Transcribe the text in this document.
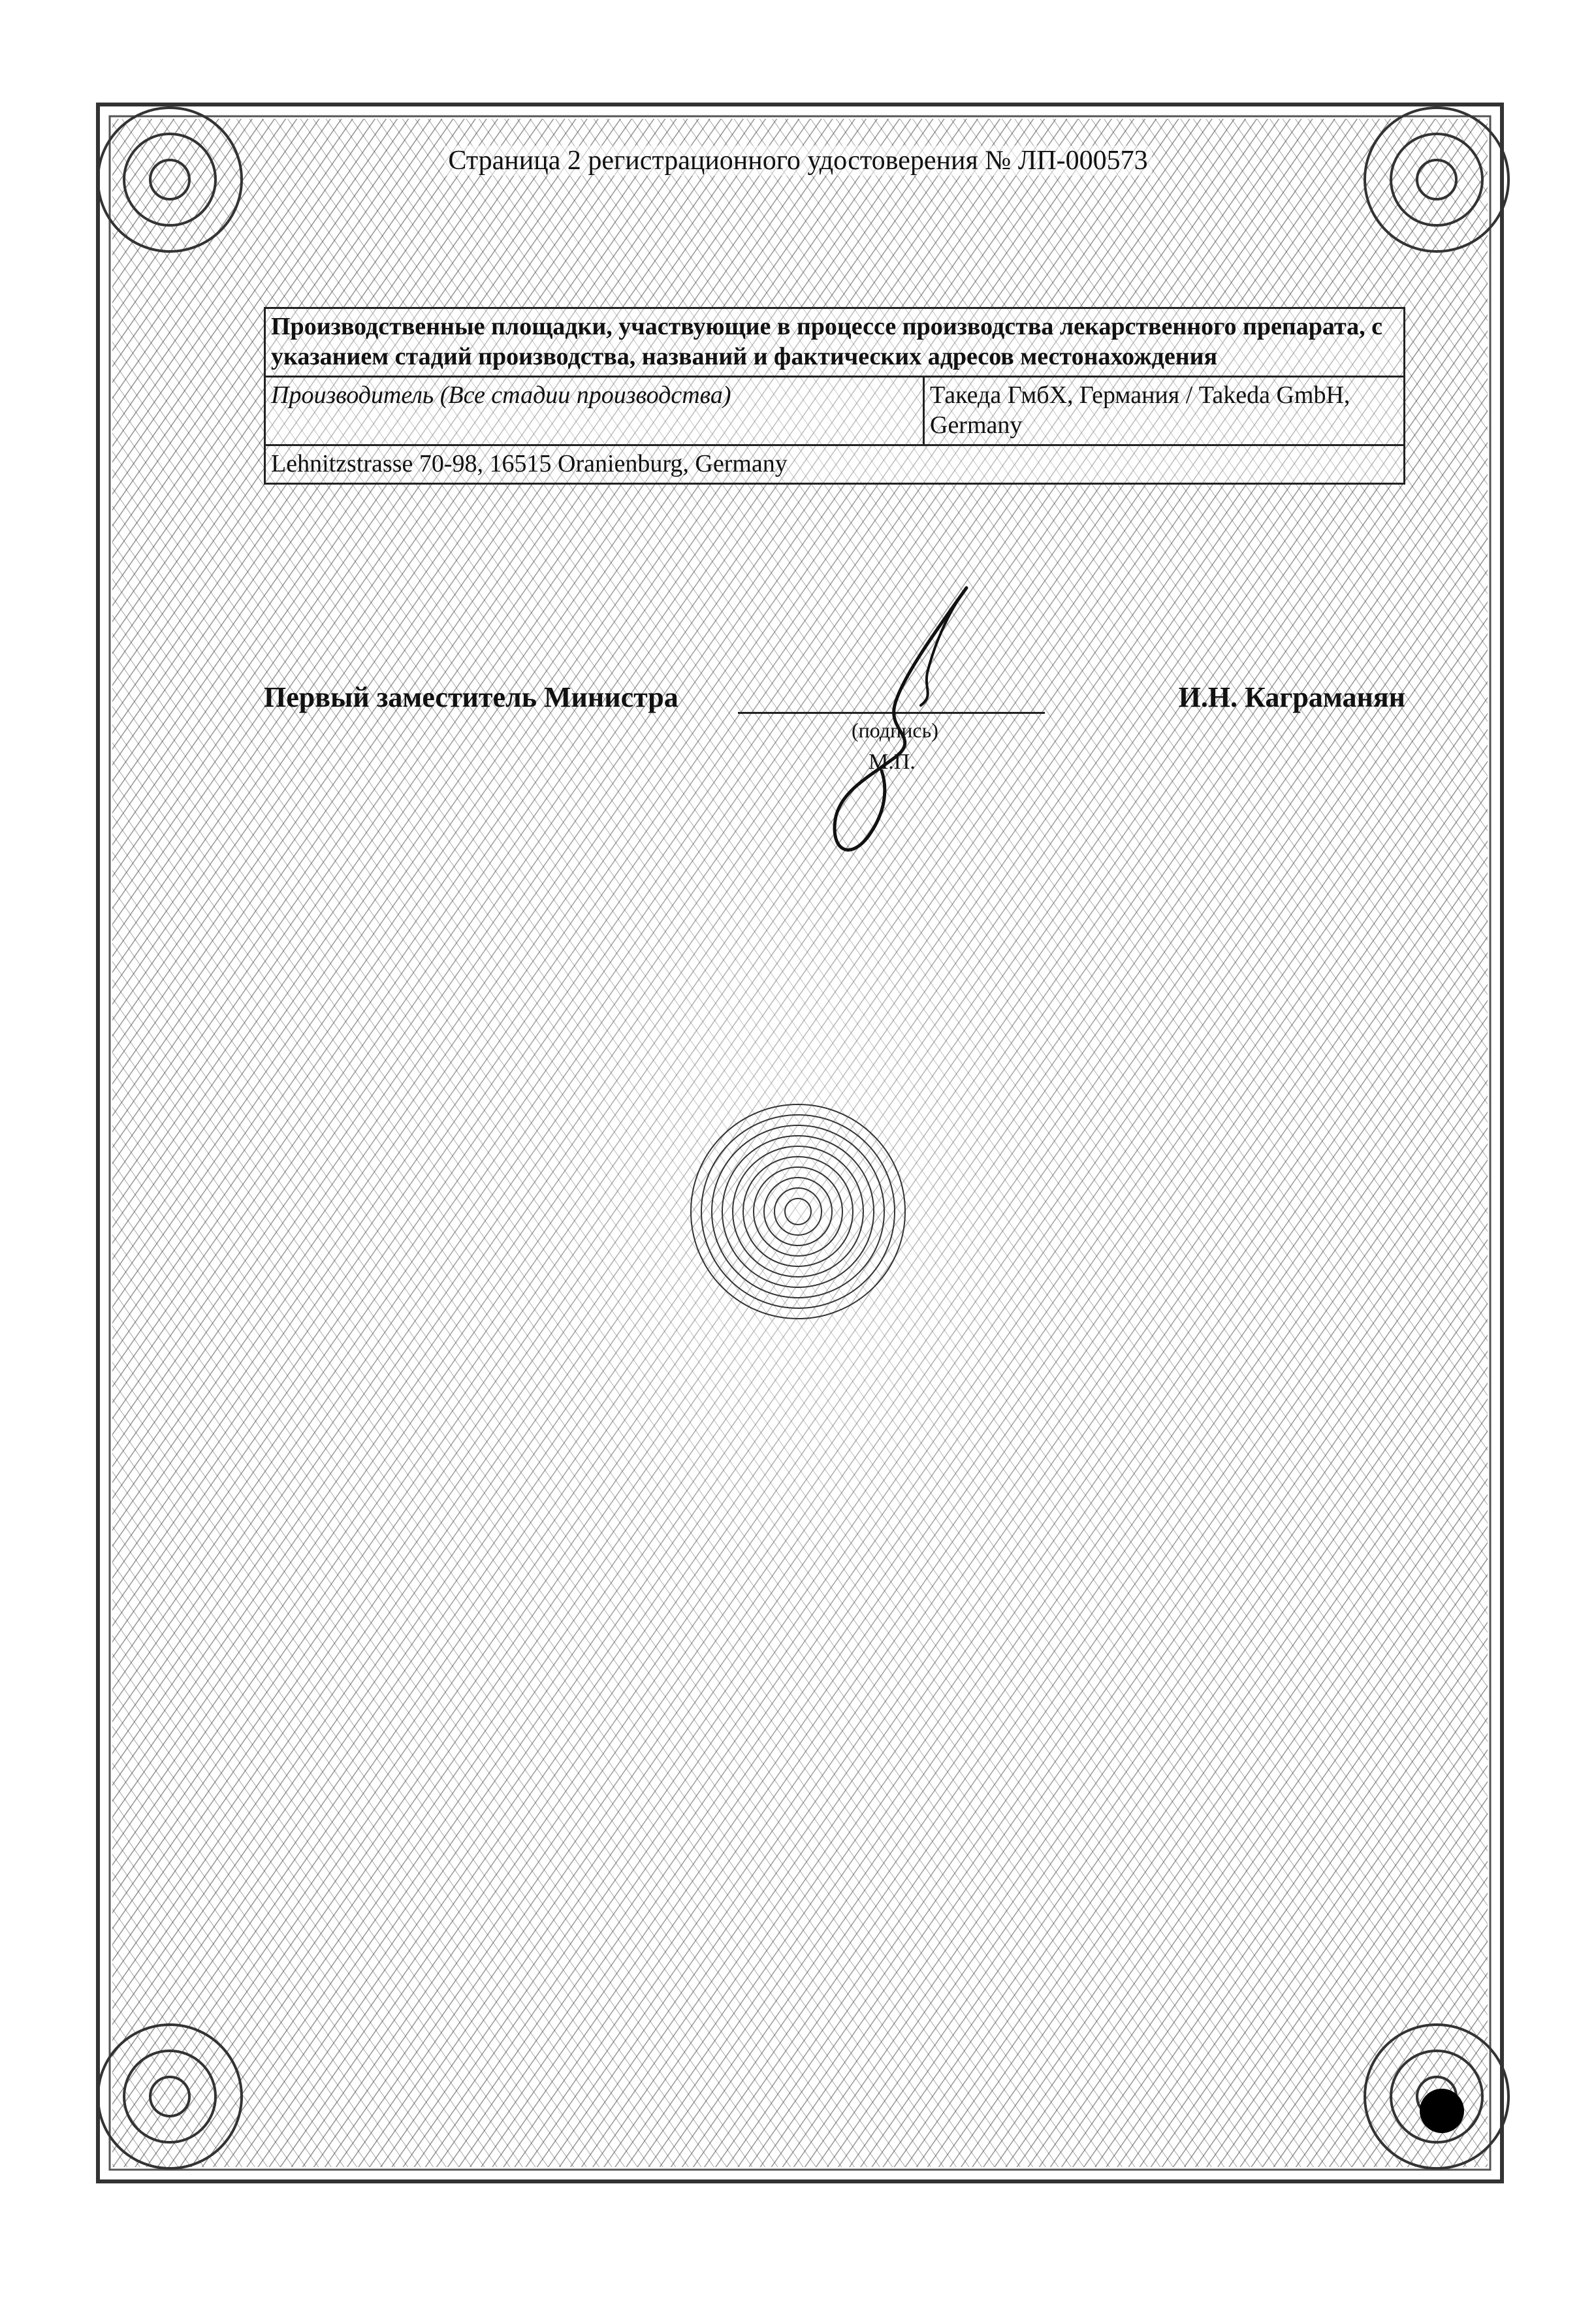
Страница 2 регистрационного удостоверения № ЛП-000573
Производственные площадки, участвующие в процессе производства лекарственного препарата, с указанием стадий производства, названий и фактических адресов местонахождения
Производитель (Все стадии производства)	Такеда ГмбХ, Германия / Takeda GmbH, Germany
Lehnitzstrasse 70-98, 16515 Oranienburg, Germany
Первый заместитель Министра
(подпись)
М.П.
И.Н. Каграманян
